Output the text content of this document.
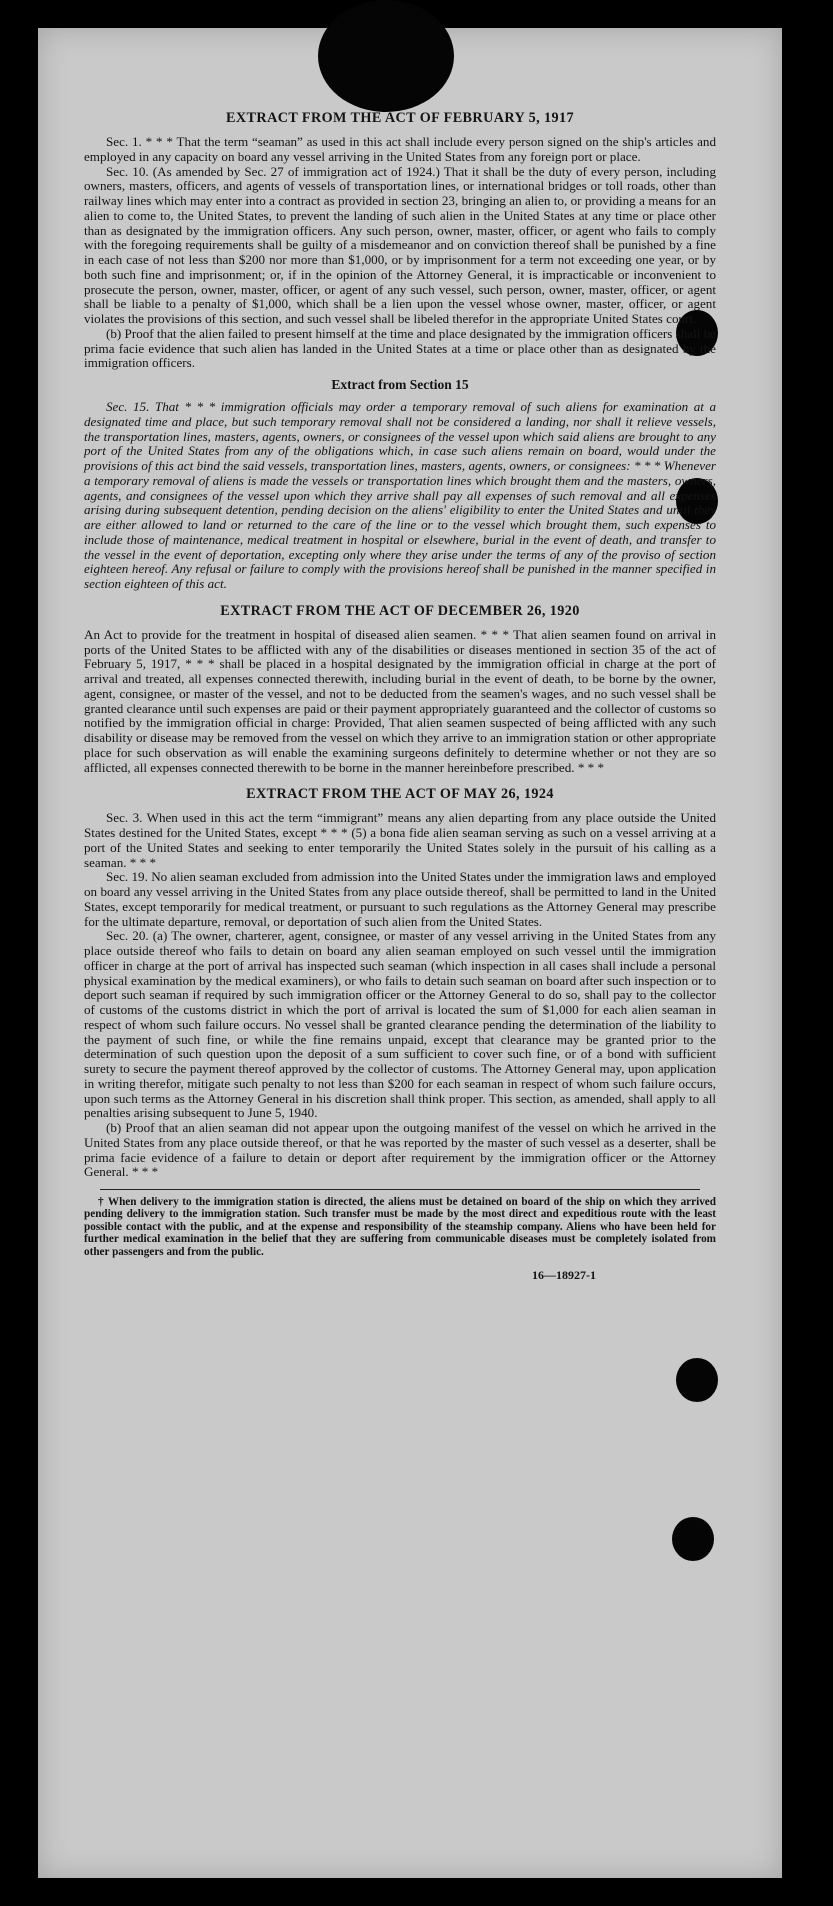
EXTRACT FROM THE ACT OF FEBRUARY 5, 1917

Sec. 1. * * * That the term “seaman” as used in this act shall include every person signed on the ship's articles and employed in any capacity on board any vessel arriving in the United States from any foreign port or place.

Sec. 10. (As amended by Sec. 27 of immigration act of 1924.) That it shall be the duty of every person, including owners, masters, officers, and agents of vessels of transportation lines, or international bridges or toll roads, other than railway lines which may enter into a contract as provided in section 23, bringing an alien to, or providing a means for an alien to come to, the United States, to prevent the landing of such alien in the United States at any time or place other than as designated by the immigration officers. Any such person, owner, master, officer, or agent who fails to comply with the foregoing requirements shall be guilty of a misdemeanor and on conviction thereof shall be punished by a fine in each case of not less than $200 nor more than $1,000, or by imprisonment for a term not exceeding one year, or by both such fine and imprisonment; or, if in the opinion of the Attorney General, it is impracticable or inconvenient to prosecute the person, owner, master, officer, or agent of any such vessel, such person, owner, master, officer, or agent shall be liable to a penalty of $1,000, which shall be a lien upon the vessel whose owner, master, officer, or agent violates the provisions of this section, and such vessel shall be libeled therefor in the appropriate United States court.

(b) Proof that the alien failed to present himself at the time and place designated by the immigration officers shall be prima facie evidence that such alien has landed in the United States at a time or place other than as designated by the immigration officers.

Extract from Section 15

Sec. 15. That * * * immigration officials may order a temporary removal of such aliens for examination at a designated time and place, but such temporary removal shall not be considered a landing, nor shall it relieve vessels, the transportation lines, masters, agents, owners, or consignees of the vessel upon which said aliens are brought to any port of the United States from any of the obligations which, in case such aliens remain on board, would under the provisions of this act bind the said vessels, transportation lines, masters, agents, owners, or consignees: * * * Whenever a temporary removal of aliens is made the vessels or transportation lines which brought them and the masters, owners, agents, and consignees of the vessel upon which they arrive shall pay all expenses of such removal and all expenses arising during subsequent detention, pending decision on the aliens' eligibility to enter the United States and until they are either allowed to land or returned to the care of the line or to the vessel which brought them, such expenses to include those of maintenance, medical treatment in hospital or elsewhere, burial in the event of death, and transfer to the vessel in the event of deportation, excepting only where they arise under the terms of any of the proviso of section eighteen hereof. Any refusal or failure to comply with the provisions hereof shall be punished in the manner specified in section eighteen of this act.

EXTRACT FROM THE ACT OF DECEMBER 26, 1920

An Act to provide for the treatment in hospital of diseased alien seamen. * * * That alien seamen found on arrival in ports of the United States to be afflicted with any of the disabilities or diseases mentioned in section 35 of the act of February 5, 1917, * * * shall be placed in a hospital designated by the immigration official in charge at the port of arrival and treated, all expenses connected therewith, including burial in the event of death, to be borne by the owner, agent, consignee, or master of the vessel, and not to be deducted from the seamen's wages, and no such vessel shall be granted clearance until such expenses are paid or their payment appropriately guaranteed and the collector of customs so notified by the immigration official in charge: Provided, That alien seamen suspected of being afflicted with any such disability or disease may be removed from the vessel on which they arrive to an immigration station or other appropriate place for such observation as will enable the examining surgeons definitely to determine whether or not they are so afflicted, all expenses connected therewith to be borne in the manner hereinbefore prescribed. * * *

EXTRACT FROM THE ACT OF MAY 26, 1924

Sec. 3. When used in this act the term “immigrant” means any alien departing from any place outside the United States destined for the United States, except * * * (5) a bona fide alien seaman serving as such on a vessel arriving at a port of the United States and seeking to enter temporarily the United States solely in the pursuit of his calling as a seaman. * * *

Sec. 19. No alien seaman excluded from admission into the United States under the immigration laws and employed on board any vessel arriving in the United States from any place outside thereof, shall be permitted to land in the United States, except temporarily for medical treatment, or pursuant to such regulations as the Attorney General may prescribe for the ultimate departure, removal, or deportation of such alien from the United States.

Sec. 20. (a) The owner, charterer, agent, consignee, or master of any vessel arriving in the United States from any place outside thereof who fails to detain on board any alien seaman employed on such vessel until the immigration officer in charge at the port of arrival has inspected such seaman (which inspection in all cases shall include a personal physical examination by the medical examiners), or who fails to detain such seaman on board after such inspection or to deport such seaman if required by such immigration officer or the Attorney General to do so, shall pay to the collector of customs of the customs district in which the port of arrival is located the sum of $1,000 for each alien seaman in respect of whom such failure occurs. No vessel shall be granted clearance pending the determination of the liability to the payment of such fine, or while the fine remains unpaid, except that clearance may be granted prior to the determination of such question upon the deposit of a sum sufficient to cover such fine, or of a bond with sufficient surety to secure the payment thereof approved by the collector of customs. The Attorney General may, upon application in writing therefor, mitigate such penalty to not less than $200 for each seaman in respect of whom such failure occurs, upon such terms as the Attorney General in his discretion shall think proper. This section, as amended, shall apply to all penalties arising subsequent to June 5, 1940.

(b) Proof that an alien seaman did not appear upon the outgoing manifest of the vessel on which he arrived in the United States from any place outside thereof, or that he was reported by the master of such vessel as a deserter, shall be prima facie evidence of a failure to detain or deport after requirement by the immigration officer or the Attorney General. * * *

† When delivery to the immigration station is directed, the aliens must be detained on board of the ship on which they arrived pending delivery to the immigration station. Such transfer must be made by the most direct and expeditious route with the least possible contact with the public, and at the expense and responsibility of the steamship company. Aliens who have been held for further medical examination in the belief that they are suffering from communicable diseases must be completely isolated from other passengers and from the public.

16—18927-1
